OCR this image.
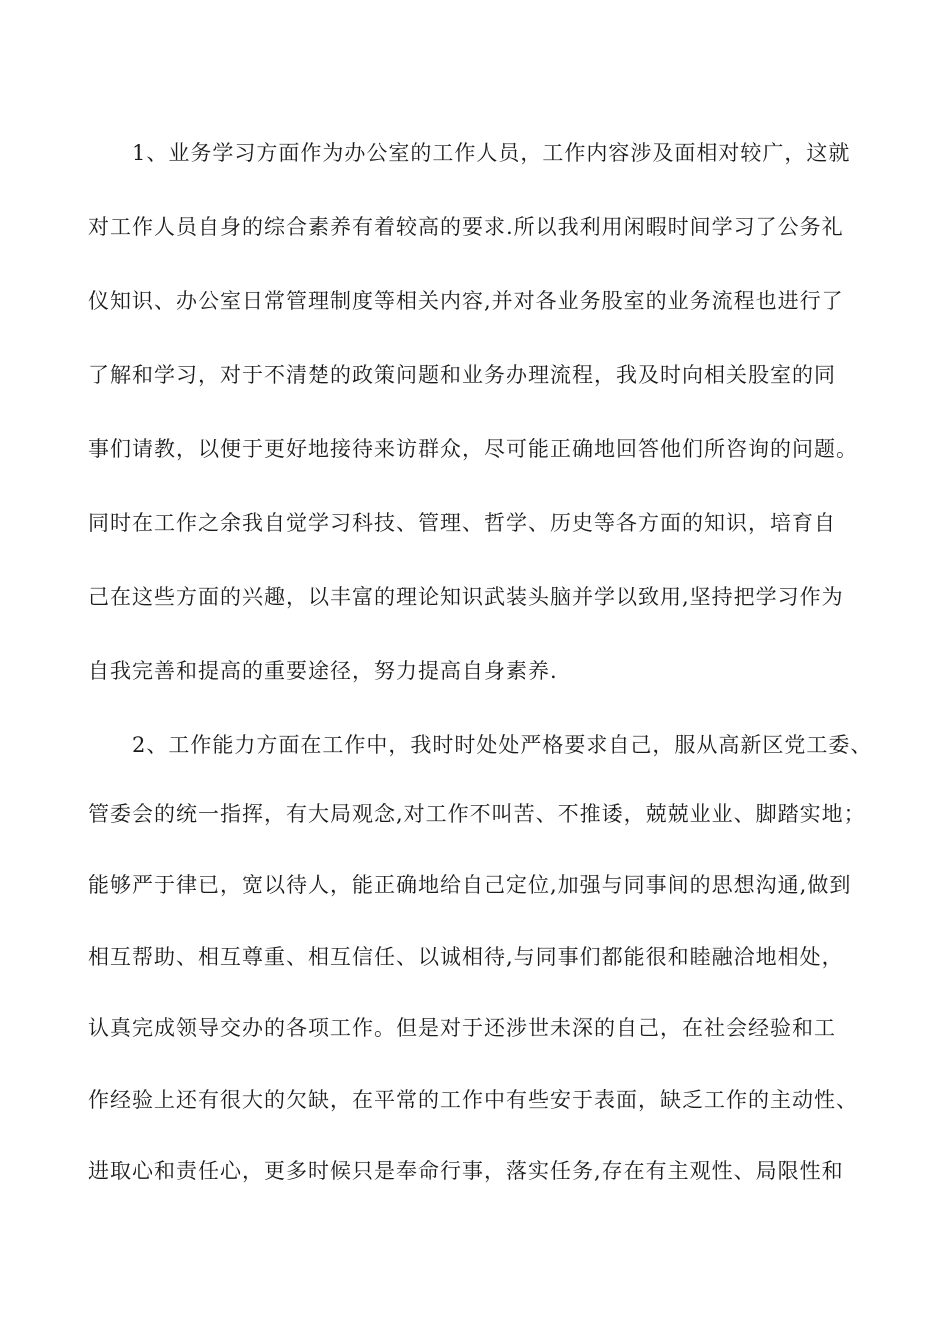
1、业务学习方面作为办公室的工作人员，工作内容涉及面相对较广，这就
对工作人员自身的综合素养有着较高的要求.所以我利用闲暇时间学习了公务礼
仪知识、办公室日常管理制度等相关内容,并对各业务股室的业务流程也进行了
了解和学习，对于不清楚的政策问题和业务办理流程，我及时向相关股室的同
事们请教，以便于更好地接待来访群众，尽可能正确地回答他们所咨询的问题。
同时在工作之余我自觉学习科技、管理、哲学、历史等各方面的知识，培育自
己在这些方面的兴趣，以丰富的理论知识武装头脑并学以致用,坚持把学习作为
自我完善和提高的重要途径，努力提高自身素养.
2、工作能力方面在工作中，我时时处处严格要求自己，服从高新区党工委、
管委会的统一指挥，有大局观念,对工作不叫苦、不推诿，兢兢业业、脚踏实地；
能够严于律已，宽以待人，能正确地给自己定位,加强与同事间的思想沟通,做到
相互帮助、相互尊重、相互信任、以诚相待,与同事们都能很和睦融洽地相处，
认真完成领导交办的各项工作。但是对于还涉世未深的自己，在社会经验和工
作经验上还有很大的欠缺，在平常的工作中有些安于表面，缺乏工作的主动性、
进取心和责任心，更多时候只是奉命行事，落实任务,存在有主观性、局限性和
